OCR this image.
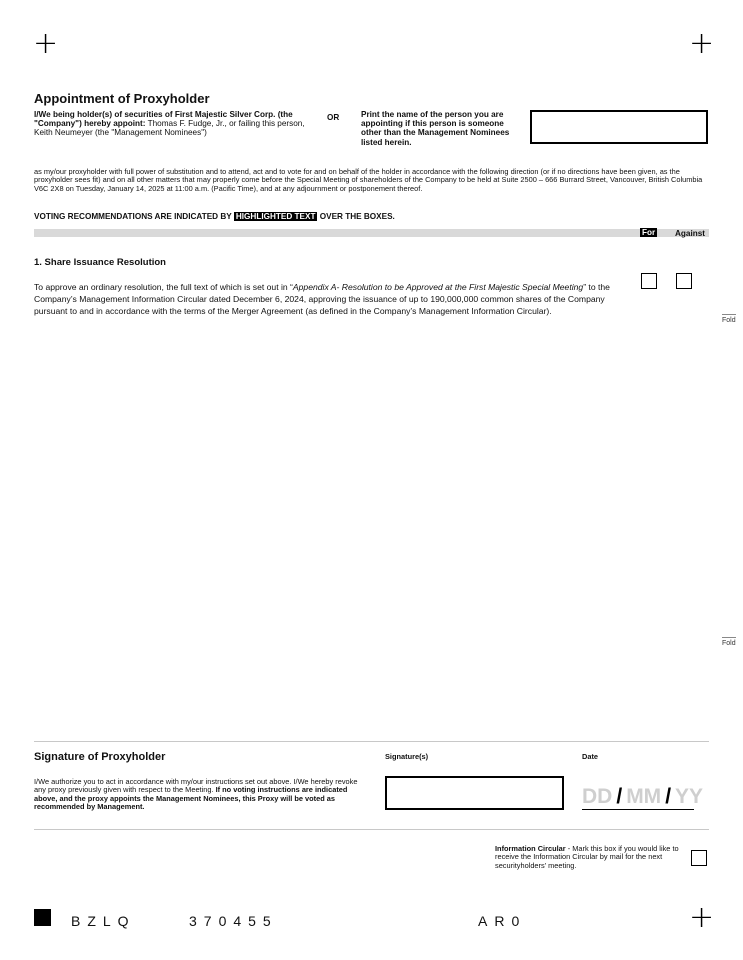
+	+
+
Appointment of Proxyholder
I/We being holder(s) of securities of First Majestic Silver Corp. (the "Company") hereby appoint: Thomas F. Fudge, Jr., or failing this person, Keith Neumeyer (the "Management Nominees")
OR	Print the name of the person you are appointing if this person is someone other than the Management Nominees listed herein.
as my/our proxyholder with full power of substitution and to attend, act and to vote for and on behalf of the holder in accordance with the following direction (or if no directions have been given, as the proxyholder sees fit) and on all other matters that may properly come before the Special Meeting of shareholders of the Company to be held at Suite 2500 – 666 Burrard Street, Vancouver, British Columbia V6C 2X8 on Tuesday, January 14, 2025 at 11:00 a.m. (Pacific Time), and at any adjournment or postponement thereof.
VOTING RECOMMENDATIONS ARE INDICATED BY HIGHLIGHTED TEXT OVER THE BOXES.
For Against
1. Share Issuance Resolution
To approve an ordinary resolution, the full text of which is set out in “Appendix A- Resolution to be Approved at the First Majestic Special Meeting” to the Company’s Management Information Circular dated December 6, 2024, approving the issuance of up to 190,000,000 common shares of the Company pursuant to and in accordance with the terms of the Merger Agreement (as defined in the Company’s Management Information Circular).
Fold
Fold
Signature of Proxyholder
I/We authorize you to act in accordance with my/our instructions set out above. I/We hereby revoke any proxy previously given with respect to the Meeting. If no voting instructions are indicated above, and the proxy appoints the Management Nominees, this Proxy will be voted as recommended by Management.
Signature(s)	Date
DD / MM / YY
Information Circular - Mark this box if you would like to receive the Information Circular by mail for the next securityholders’ meeting.
BZLQ	370455	AR0
